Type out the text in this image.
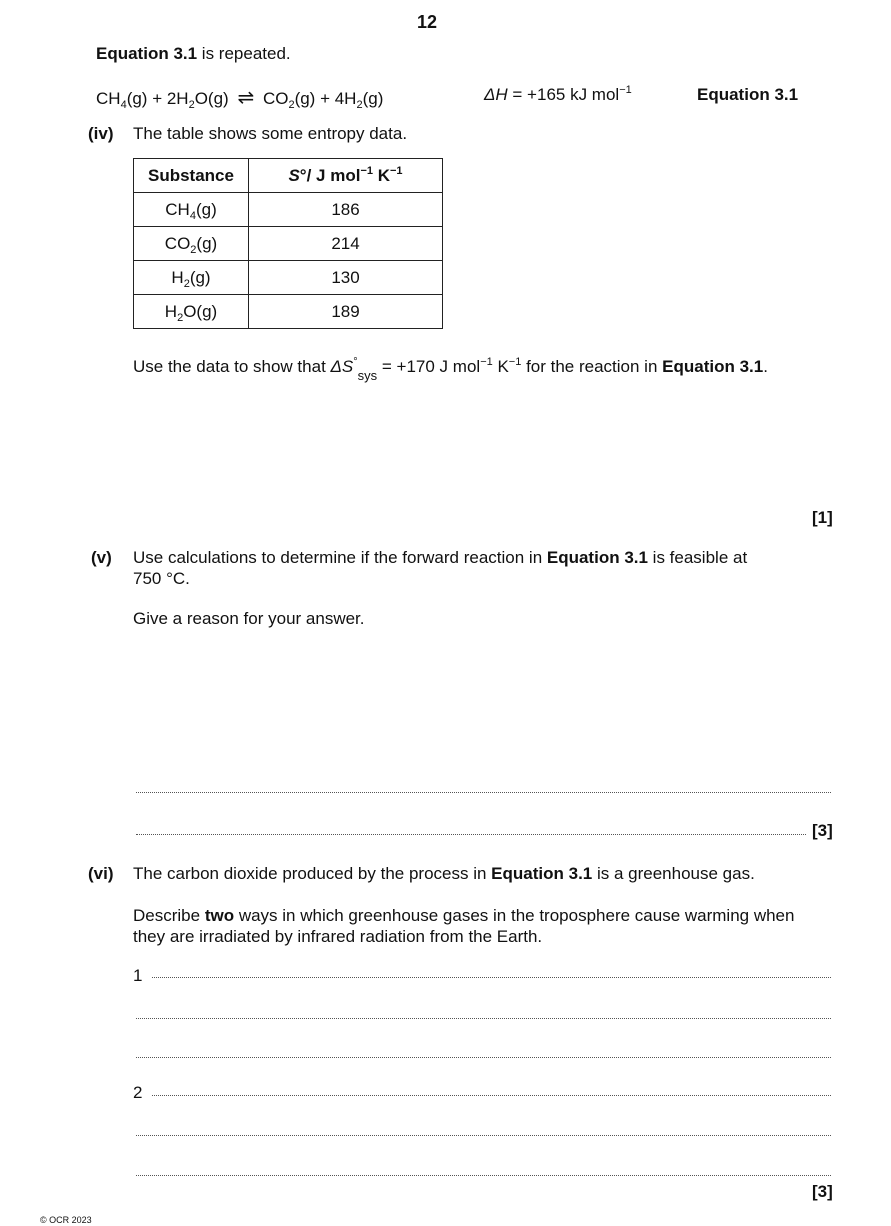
12
Equation 3.1 is repeated.
$CH_4(g) + 2H_2O(g)$ ⇌ $CO_2(g) + 4H_2(g)$	ΔH = +165 kJ mol$^{-1}$	Equation 3.1
(iv) The table shows some entropy data.
Substance	S°/ J mol$^{-1}$ $K^{-1}$
$CH_4(g)$	186
$CO_2(g)$	214
$H_2(g)$	130
$H_2O(g)$	189
Use the data to show that $\Delta S^\circ_{sys} = +170$ J mol$^{-1}$ $K^{-1}$ for the reaction in Equation 3.1.
[1]
(v) Use calculations to determine if the forward reaction in Equation 3.1 is feasible at
750 °C.
Give a reason for your answer.
[3]
(vi) The carbon dioxide produced by the process in Equation 3.1 is a greenhouse gas.
Describe two ways in which greenhouse gases in the troposphere cause warming when
they are irradiated by infrared radiation from the Earth.
1
2
[3]
© OCR 2023
